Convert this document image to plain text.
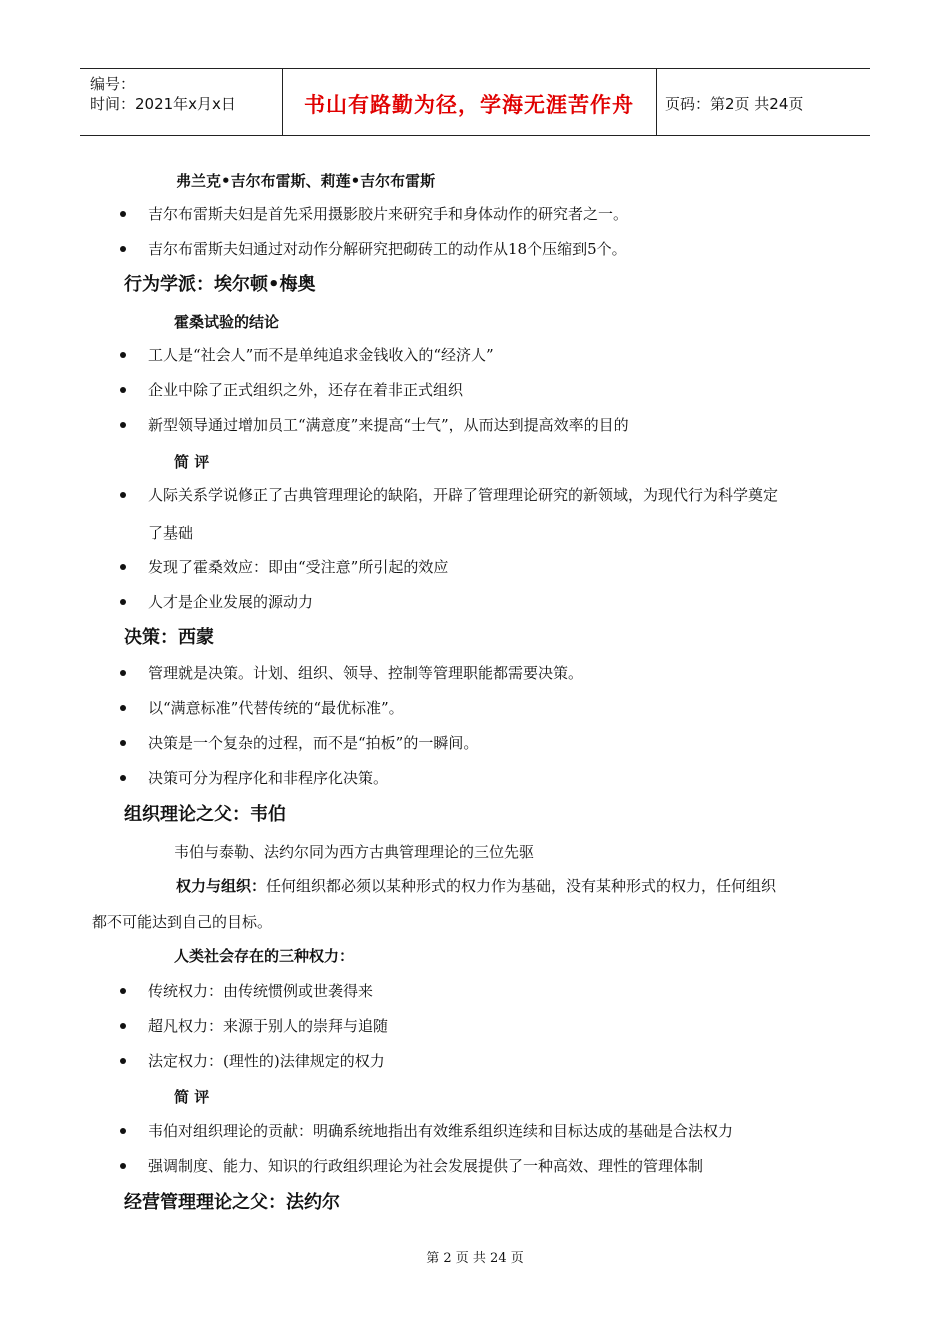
编号：
时间：2021年x月x日	书山有路勤为径，学海无涯苦作舟	页码：第2页 共24页
弗兰克•吉尔布雷斯、莉莲•吉尔布雷斯
吉尔布雷斯夫妇是首先采用摄影胶片来研究手和身体动作的研究者之一。
吉尔布雷斯夫妇通过对动作分解研究把砌砖工的动作从18个压缩到5个。
行为学派：埃尔顿•梅奥
霍桑试验的结论
工人是“社会人”而不是单纯追求金钱收入的“经济人”
企业中除了正式组织之外，还存在着非正式组织
新型领导通过增加员工“满意度”来提高“士气”，从而达到提高效率的目的
简 评
人际关系学说修正了古典管理理论的缺陷，开辟了管理理论研究的新领域，为现代行为科学奠定
了基础
发现了霍桑效应：即由“受注意”所引起的效应
人才是企业发展的源动力
决策：西蒙
管理就是决策。计划、组织、领导、控制等管理职能都需要决策。
以“满意标准”代替传统的“最优标准”。
决策是一个复杂的过程，而不是“拍板”的一瞬间。
决策可分为程序化和非程序化决策。
组织理论之父：韦伯
韦伯与泰勒、法约尔同为西方古典管理理论的三位先驱
权力与组织：任何组织都必须以某种形式的权力作为基础，没有某种形式的权力，任何组织
都不可能达到自己的目标。
人类社会存在的三种权力：
传统权力：由传统惯例或世袭得来
超凡权力：来源于别人的崇拜与追随
法定权力：(理性的)法律规定的权力
简 评
韦伯对组织理论的贡献：明确系统地指出有效维系组织连续和目标达成的基础是合法权力
强调制度、能力、知识的行政组织理论为社会发展提供了一种高效、理性的管理体制
经营管理理论之父：法约尔
第 2 页 共 24 页
